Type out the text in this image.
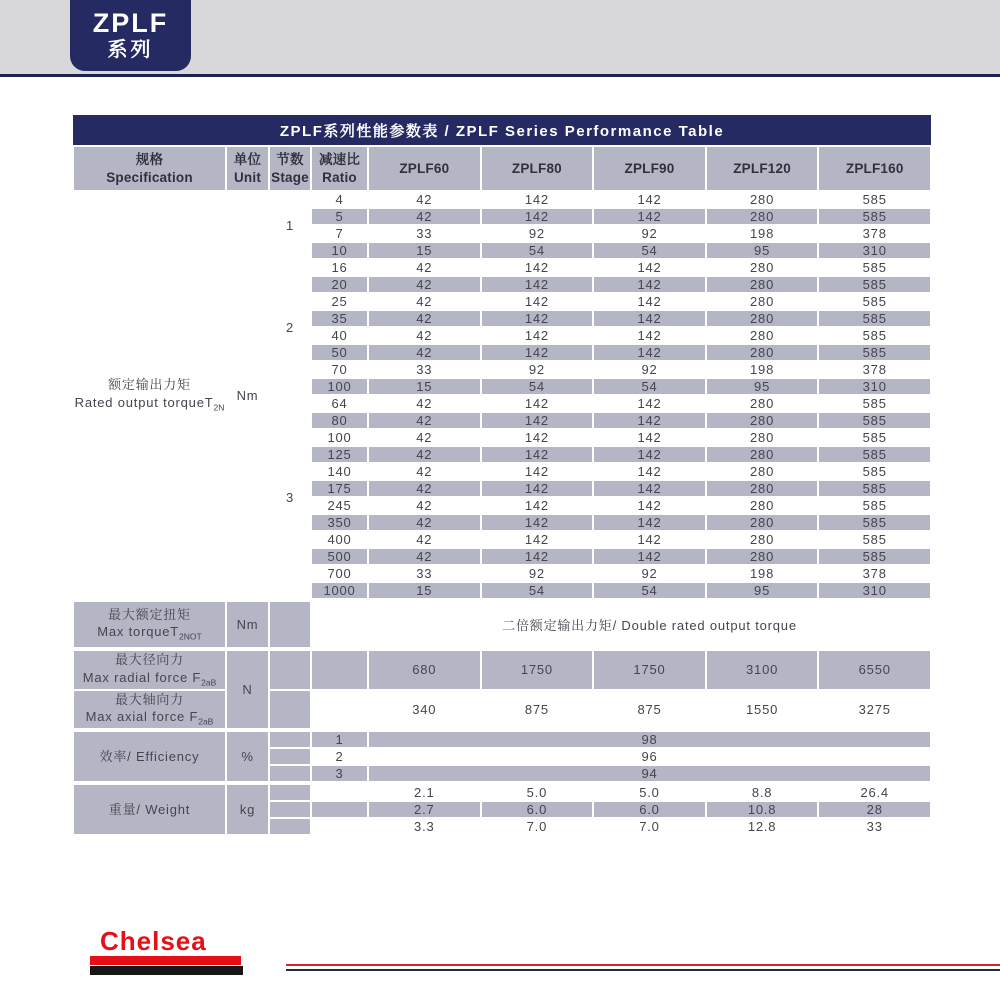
ZPLF
系列
ZPLF系列性能参数表 / ZPLF Series Performance Table								

规格
Specification

单位
Unit

节数
Stage

减速比
Ratio
	ZPLF60	ZPLF80	ZPLF90	ZPLF120	ZPLF160

额定输出力矩
Rated output torqueT$_{2N}$	Nm	1	4	42	142	142	280	585
			5	42	142	142	280	585
			7	33	92	92	198	378
			10	15	54	54	95	310
		2	16	42	142	142	280	585
			20	42	142	142	280	585
			25	42	142	142	280	585
			35	42	142	142	280	585
			40	42	142	142	280	585
			50	42	142	142	280	585
			70	33	92	92	198	378
			100	15	54	54	95	310
		3	64	42	142	142	280	585
			80	42	142	142	280	585
			100	42	142	142	280	585
			125	42	142	142	280	585
			140	42	142	142	280	585
			175	42	142	142	280	585
			245	42	142	142	280	585
			350	42	142	142	280	585
			400	42	142	142	280	585
			500	42	142	142	280	585
			700	33	92	92	198	378
			1000	15	54	54	95	310

最大额定扭矩
Max torqueT$_{2NOT}$	Nm		二倍额定输出力矩/ Double rated output torque					

最大径向力
Max radial force $F_{2aB}$	N			680	1750	1750	3100	6550

最大轴向力
Max axial force $F_{2aB}$				340	875	875	1550	3275
效率/ Efficiency	%		1	98				
			2	96				
			3	94				
重量/ Weight	kg			2.1	5.0	5.0	8.8	26.4
				2.7	6.0	6.0	10.8	28
				3.3	7.0	7.0	12.8	33
Chelsea
